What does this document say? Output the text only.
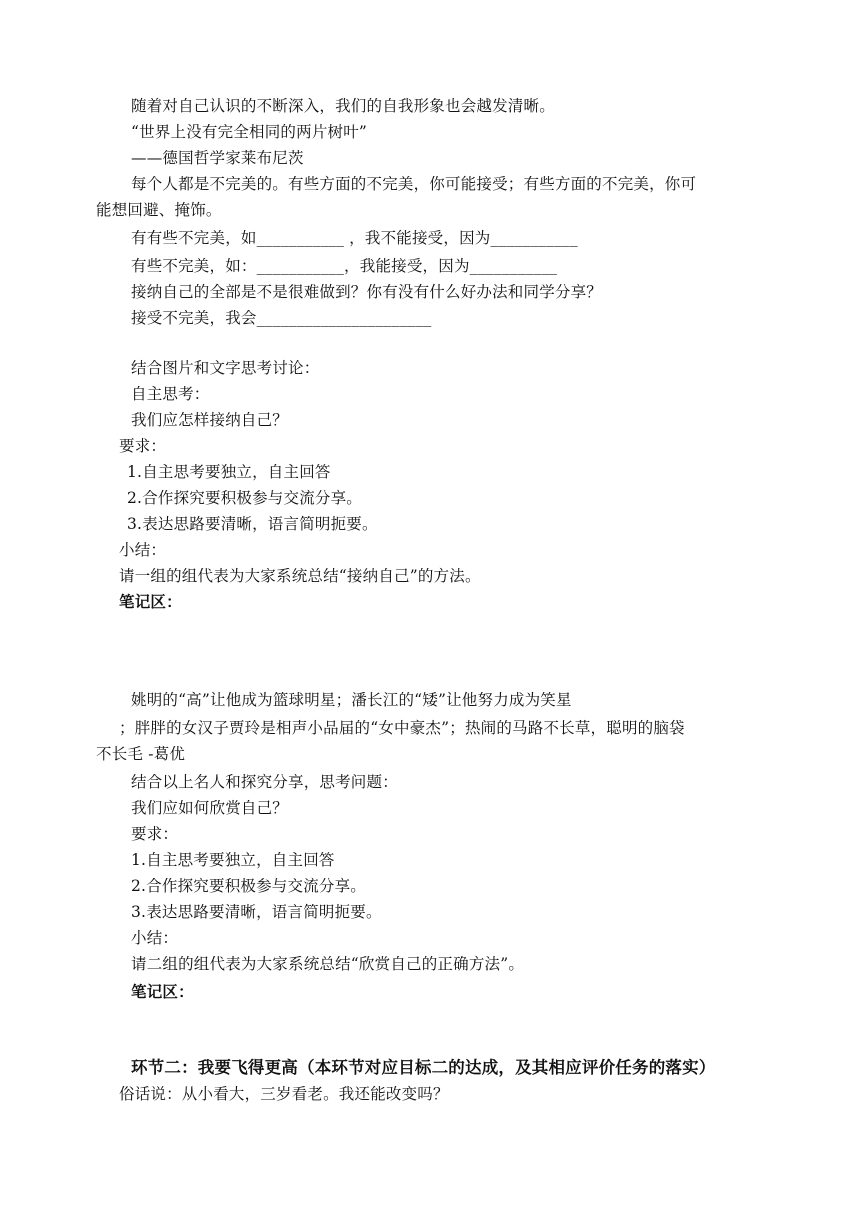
随着对自己认识的不断深入，我们的自我形象也会越发清晰。
“世界上没有完全相同的两片树叶”
——德国哲学家莱布尼茨
每个人都是不完美的。有些方面的不完美，你可能接受；有些方面的不完美，你可
能想回避、掩饰。
有有些不完美，如___________ ，我不能接受，因为___________
有些不完美，如：___________，我能接受，因为___________
接纳自己的全部是不是很难做到？你有没有什么好办法和同学分享？
接受不完美，我会______________________
结合图片和文字思考讨论：
自主思考：
我们应怎样接纳自己？
要求：
1.自主思考要独立，自主回答
2.合作探究要积极参与交流分享。
3.表达思路要清晰，语言简明扼要。
小结：
请一组的组代表为大家系统总结“接纳自己”的方法。
笔记区：
姚明的“高”让他成为篮球明星；潘长江的“矮”让他努力成为笑星
；胖胖的女汉子贾玲是相声小品届的“女中豪杰”；热闹的马路不长草，聪明的脑袋
不长毛 -葛优
结合以上名人和探究分享，思考问题：
我们应如何欣赏自己？
要求：
1.自主思考要独立，自主回答
2.合作探究要积极参与交流分享。
3.表达思路要清晰，语言简明扼要。
小结：
请二组的组代表为大家系统总结“欣赏自己的正确方法”。
笔记区：
环节二：我要飞得更高（本环节对应目标二的达成，及其相应评价任务的落实）
俗话说：从小看大，三岁看老。我还能改变吗？
